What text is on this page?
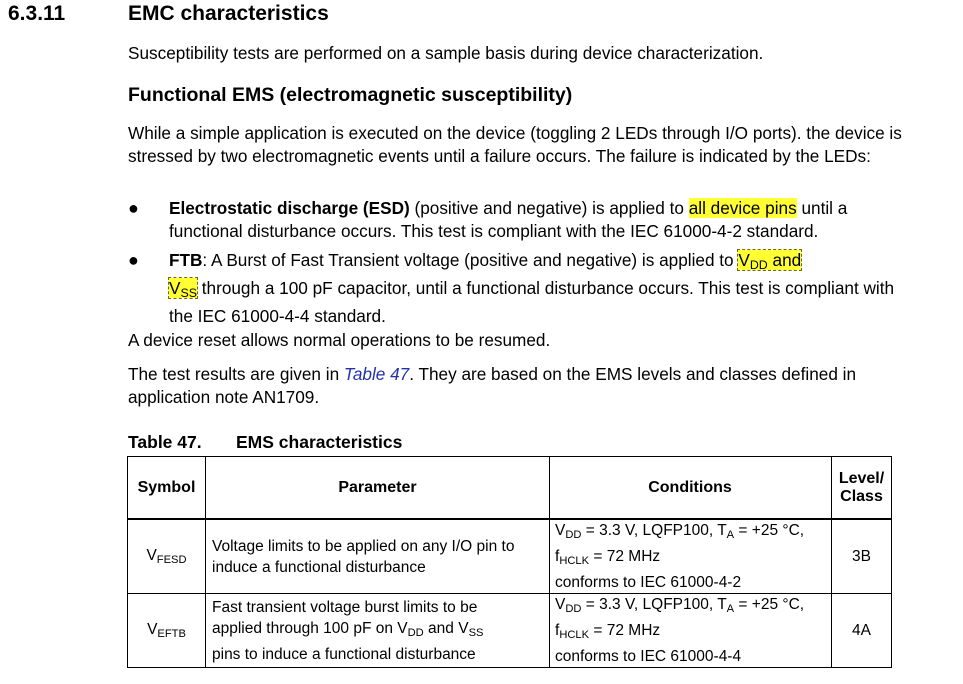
6.3.11	EMC characteristics
Susceptibility tests are performed on a sample basis during device characterization.
Functional EMS (electromagnetic susceptibility)
While a simple application is executed on the device (toggling 2 LEDs through I/O ports). the device is stressed by two electromagnetic events until a failure occurs. The failure is indicated by the LEDs:
● Electrostatic discharge (ESD) (positive and negative) is applied to all device pins until a functional disturbance occurs. This test is compliant with the IEC 61000-4-2 standard.
● FTB: A Burst of Fast Transient voltage (positive and negative) is applied to $V_{DD}$ and
$V_{SS}$ through a 100 pF capacitor, until a functional disturbance occurs. This test is compliant with the IEC 61000-4-4 standard.
A device reset allows normal operations to be resumed.
The test results are given in Table 47. They are based on the EMS levels and classes defined in application note AN1709.
Table 47. EMS characteristics
Symbol	Parameter	Conditions	Level/
Class
$V_{FESD}$	Voltage limits to be applied on any I/O pin to induce a functional disturbance	$V_{DD} = 3.3$ V, LQFP100, $T_A = +25$ °C,
$f_{HCLK} = 72$ MHz
conforms to IEC 61000-4-2	3B
$V_{EFTB}$	Fast transient voltage burst limits to be
applied through 100 pF on $V_{DD}$ and $V_{SS}$
pins to induce a functional disturbance	$V_{DD} = 3.3$ V, LQFP100, $T_A = +25$ °C,
$f_{HCLK} = 72$ MHz
conforms to IEC 61000-4-4	4A
